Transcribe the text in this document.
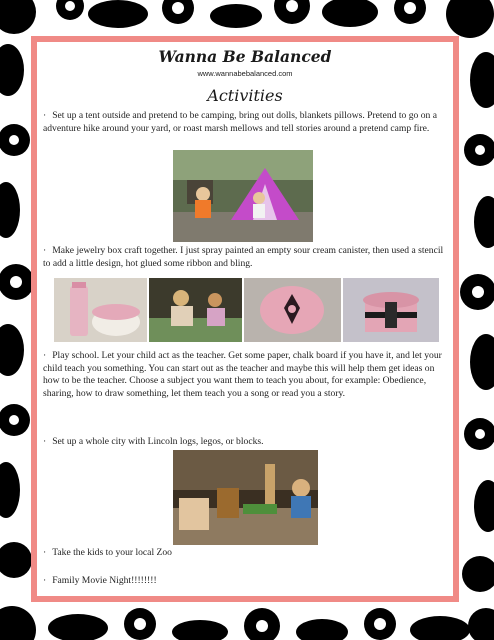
Wanna Be Balanced
www.wannabebalanced.com
Activities
· Set up a tent outside and pretend to be camping, bring out dolls, blankets pillows. Pretend to go on a adventure hike around your yard, or roast marsh mellows and tell stories around a pretend camp fire.
· Make jewelry box craft together. I just spray painted an empty sour cream canister, then used a stencil to add a little design, hot glued some ribbon and bling.
· Play school. Let your child act as the teacher. Get some paper, chalk board if you have it, and let your child teach you something. You can start out as the teacher and maybe this will help them get ideas on how to be the teacher. Choose a subject you want them to teach you about, for example: Obedience, sharing, how to draw something, let them teach you a song or read you a story.
· Set up a whole city with Lincoln logs, legos, or blocks.
· Take the kids to your local Zoo
· Family Movie Night!!!!!!!!
